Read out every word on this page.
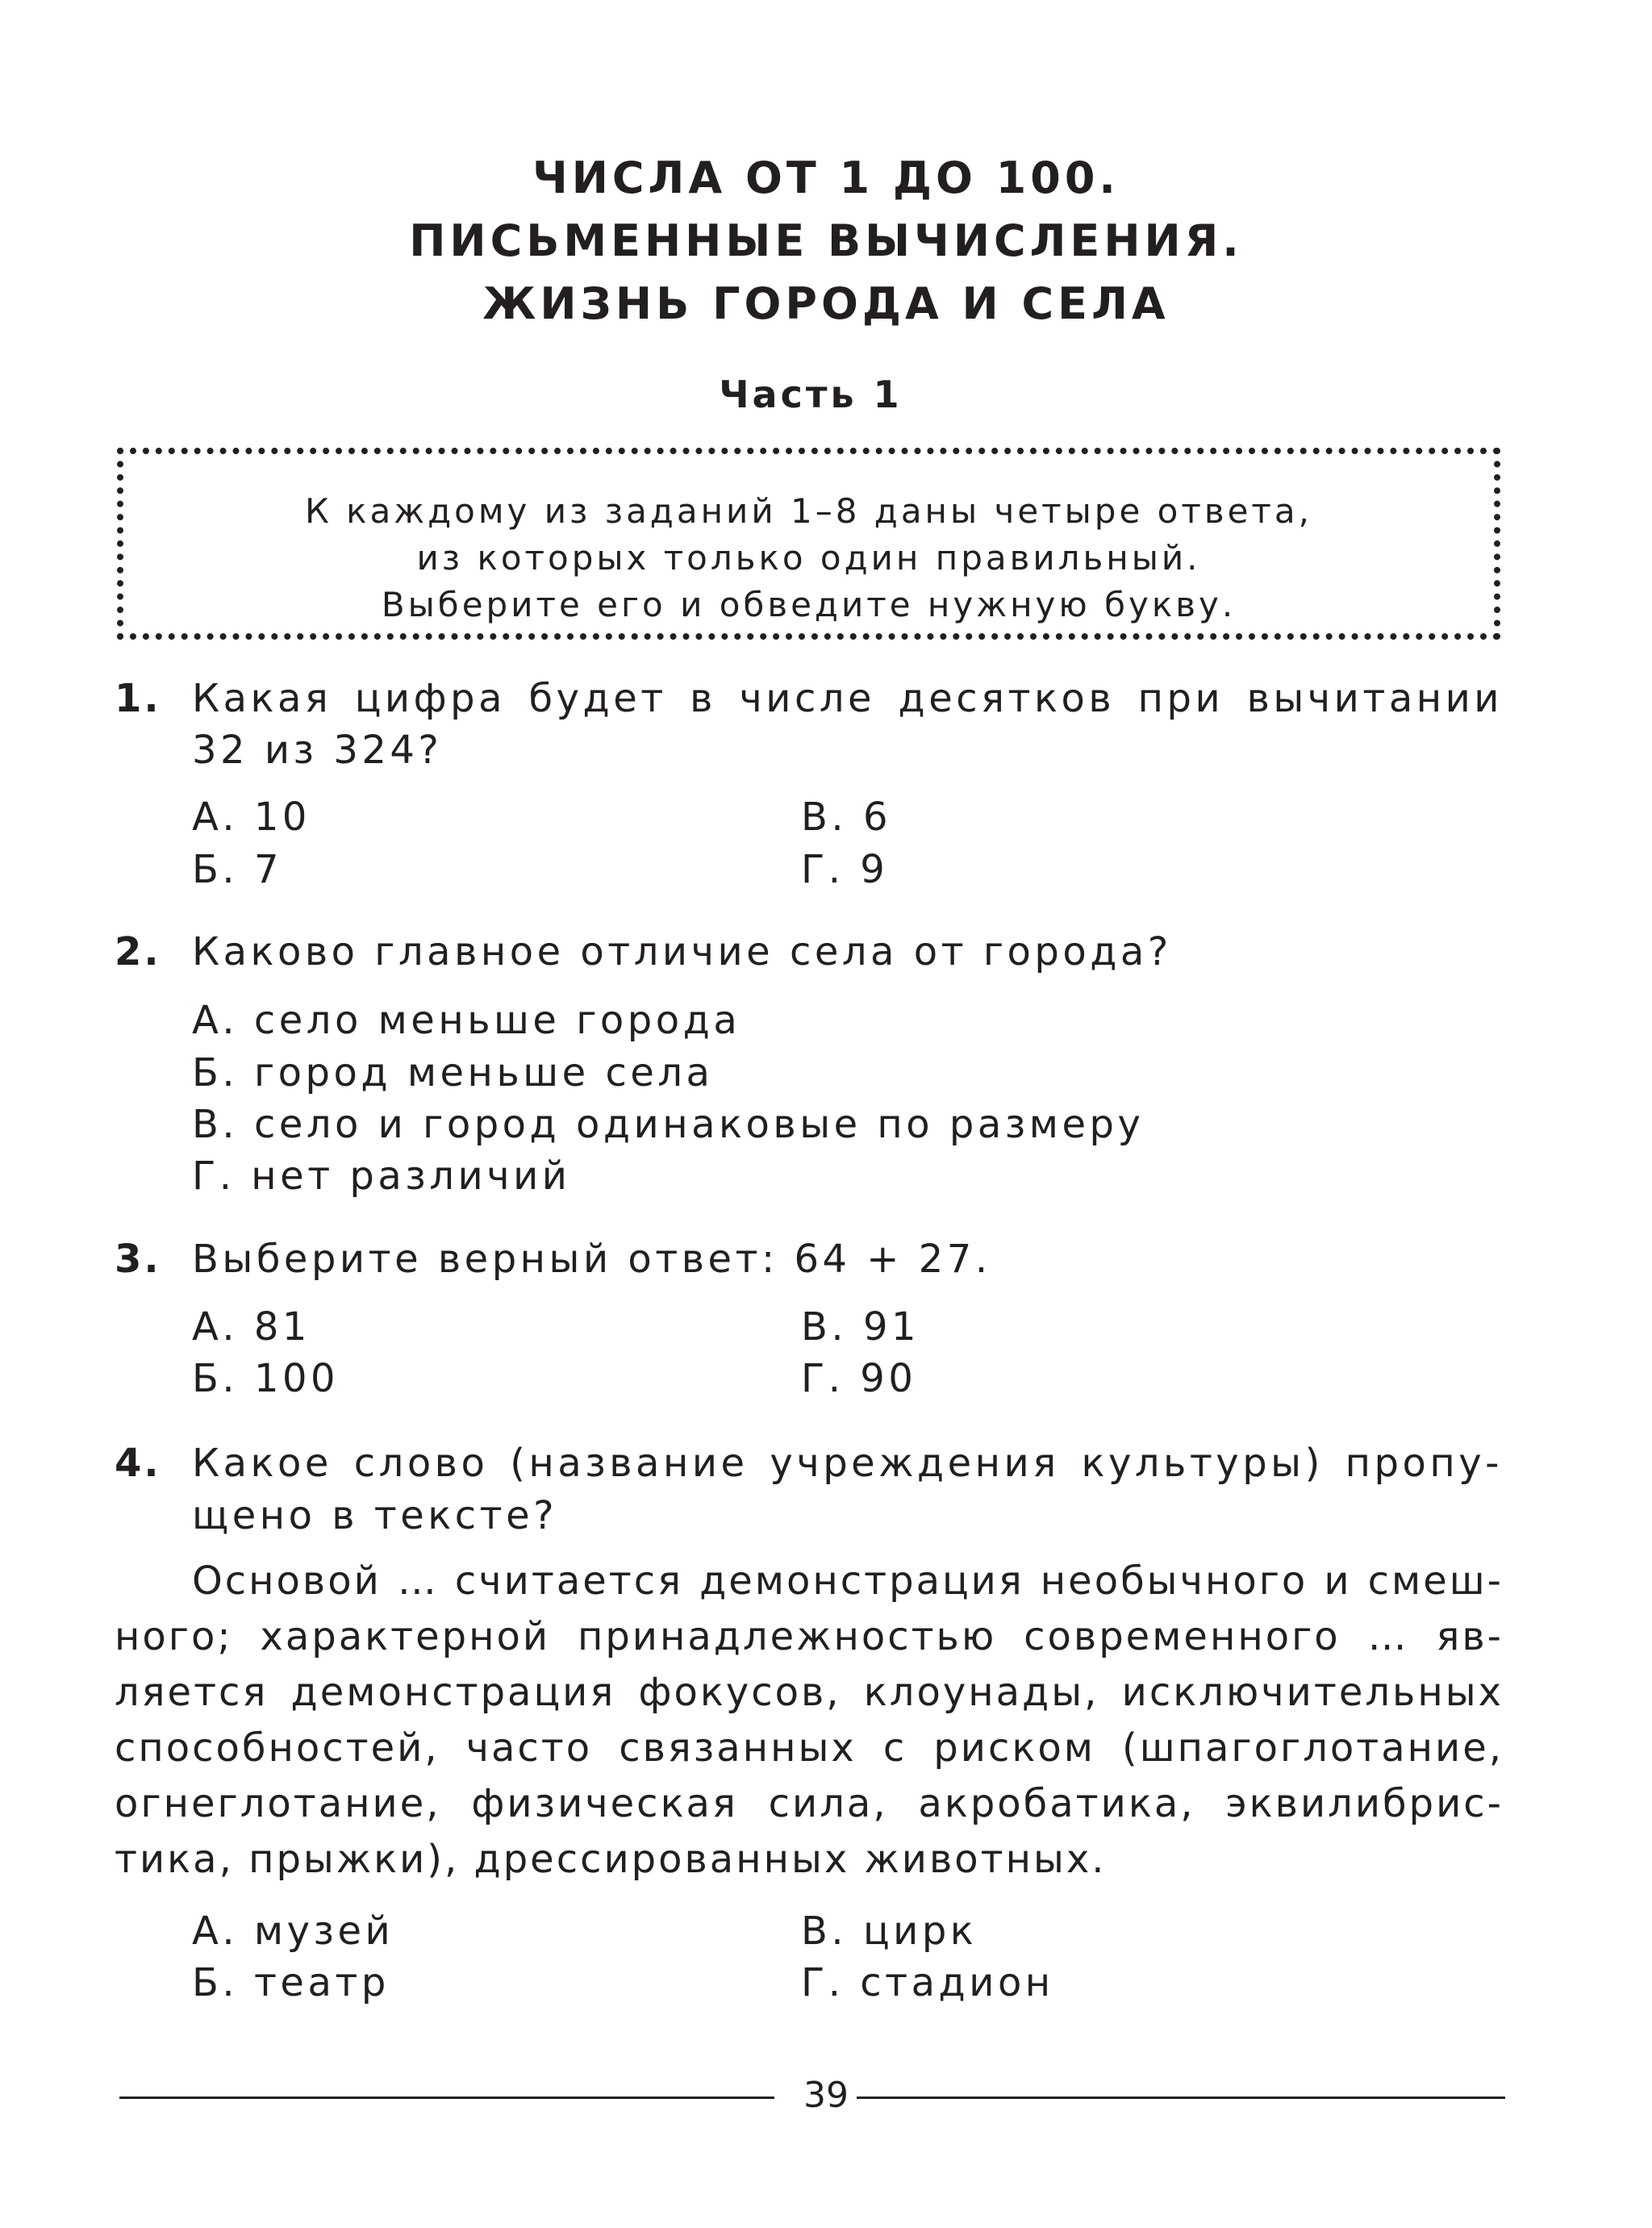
ЧИСЛА ОТ 1 ДО 100.
ПИСЬМЕННЫЕ ВЫЧИСЛЕНИЯ.
ЖИЗНЬ ГОРОДА И СЕЛА
Часть 1
К каждому из заданий 1–8 даны четыре ответа,
из которых только один правильный.
Выберите его и обведите нужную букву.
1. Какая цифра будет в числе десятков при вычитании
32 из 324?
А. 10	В. 6
Б. 7	Г. 9
2. Каково главное отличие села от города?
А. село меньше города
Б. город меньше села
В. село и город одинаковые по размеру
Г. нет различий
3. Выберите верный ответ: 64 + 27.
А. 81	В. 91
Б. 100	Г. 90
4. Какое слово (название учреждения культуры) пропу-
щено в тексте?
Основой … считается демонстрация необычного и смеш-
ного; характерной принадлежностью современного … яв-
ляется демонстрация фокусов, клоунады, исключительных
способностей, часто связанных с риском (шпагоглотание,
огнеглотание, физическая сила, акробатика, эквилибрис-
тика, прыжки), дрессированных животных.
А. музей	В. цирк
Б. театр	Г. стадион
39
